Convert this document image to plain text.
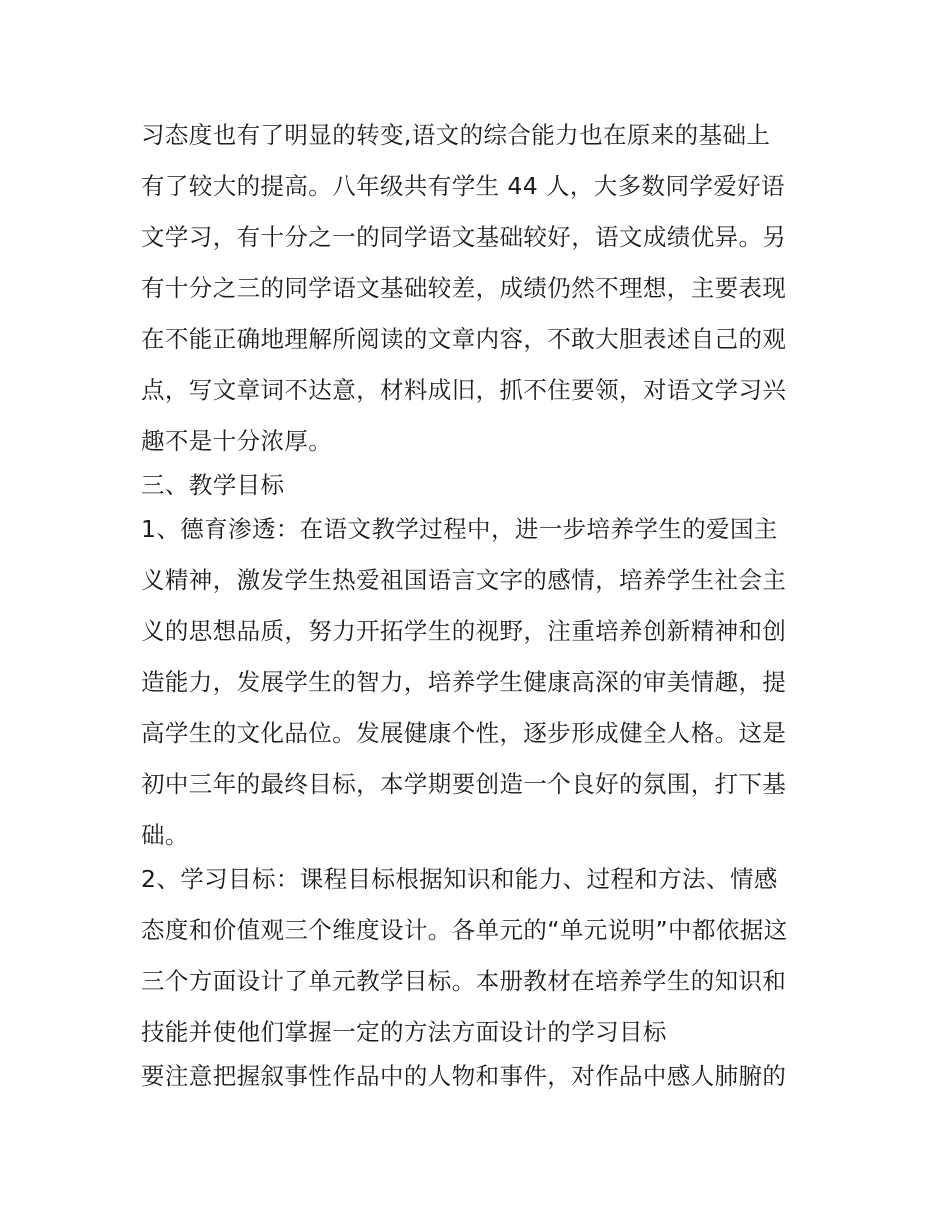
习态度也有了明显的转变,语文的综合能力也在原来的基础上
有了较大的提高。八年级共有学生 44 人，大多数同学爱好语
文学习，有十分之一的同学语文基础较好，语文成绩优异。另
有十分之三的同学语文基础较差，成绩仍然不理想，主要表现
在不能正确地理解所阅读的文章内容，不敢大胆表述自己的观
点，写文章词不达意，材料成旧，抓不住要领，对语文学习兴
趣不是十分浓厚。
三、教学目标
1、德育渗透：在语文教学过程中，进一步培养学生的爱国主
义精神，激发学生热爱祖国语言文字的感情，培养学生社会主
义的思想品质，努力开拓学生的视野，注重培养创新精神和创
造能力，发展学生的智力，培养学生健康高深的审美情趣，提
高学生的文化品位。发展健康个性，逐步形成健全人格。这是
初中三年的最终目标，本学期要创造一个良好的氛围，打下基
础。
2、学习目标：课程目标根据知识和能力、过程和方法、情感
态度和价值观三个维度设计。各单元的“单元说明”中都依据这
三个方面设计了单元教学目标。本册教材在培养学生的知识和
技能并使他们掌握一定的方法方面设计的学习目标
要注意把握叙事性作品中的人物和事件，对作品中感人肺腑的
